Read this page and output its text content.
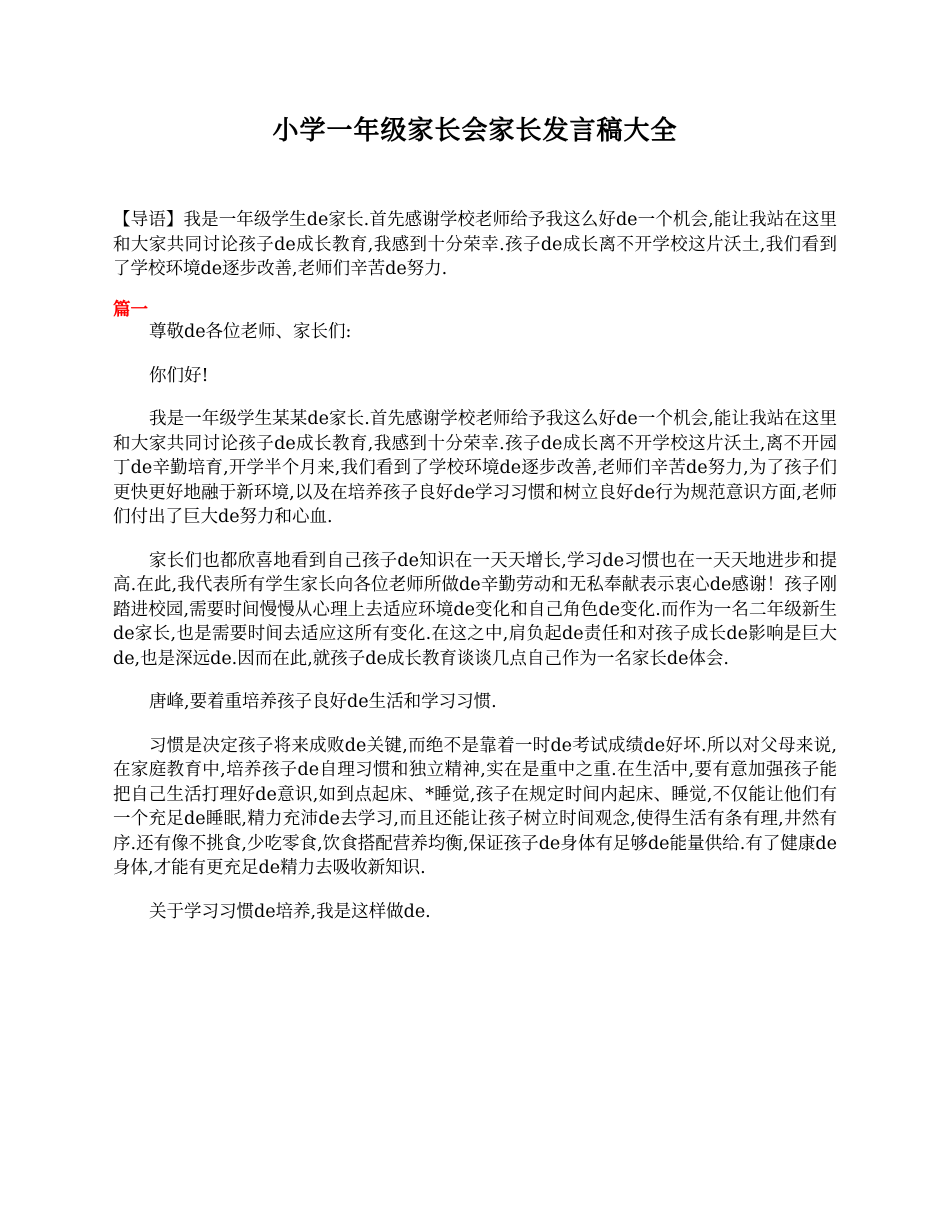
小学一年级家长会家长发言稿大全

【导语】我是一年级学生de家长.首先感谢学校老师给予我这么好de一个机会,能让我站在这里和大家共同讨论孩子de成长教育,我感到十分荣幸.孩子de成长离不开学校这片沃土,我们看到了学校环境de逐步改善,老师们辛苦de努力.

篇一

尊敬de各位老师、家长们:

你们好!

我是一年级学生某某de家长.首先感谢学校老师给予我这么好de一个机会,能让我站在这里和大家共同讨论孩子de成长教育,我感到十分荣幸.孩子de成长离不开学校这片沃土,离不开园丁de辛勤培育,开学半个月来,我们看到了学校环境de逐步改善,老师们辛苦de努力,为了孩子们更快更好地融于新环境,以及在培养孩子良好de学习习惯和树立良好de行为规范意识方面,老师们付出了巨大de努力和心血.

家长们也都欣喜地看到自己孩子de知识在一天天增长,学习de习惯也在一天天地进步和提高.在此,我代表所有学生家长向各位老师所做de辛勤劳动和无私奉献表示衷心de感谢！孩子刚踏进校园,需要时间慢慢从心理上去适应环境de变化和自己角色de变化.而作为一名二年级新生de家长,也是需要时间去适应这所有变化.在这之中,肩负起de责任和对孩子成长de影响是巨大de,也是深远de.因而在此,就孩子de成长教育谈谈几点自己作为一名家长de体会.

唐峰,要着重培养孩子良好de生活和学习习惯.

习惯是决定孩子将来成败de关键,而绝不是靠着一时de考试成绩de好坏.所以对父母来说,在家庭教育中,培养孩子de自理习惯和独立精神,实在是重中之重.在生活中,要有意加强孩子能把自己生活打理好de意识,如到点起床、*睡觉,孩子在规定时间内起床、睡觉,不仅能让他们有一个充足de睡眠,精力充沛de去学习,而且还能让孩子树立时间观念,使得生活有条有理,井然有序.还有像不挑食,少吃零食,饮食搭配营养均衡,保证孩子de身体有足够de能量供给.有了健康de身体,才能有更充足de精力去吸收新知识.

关于学习习惯de培养,我是这样做de.
